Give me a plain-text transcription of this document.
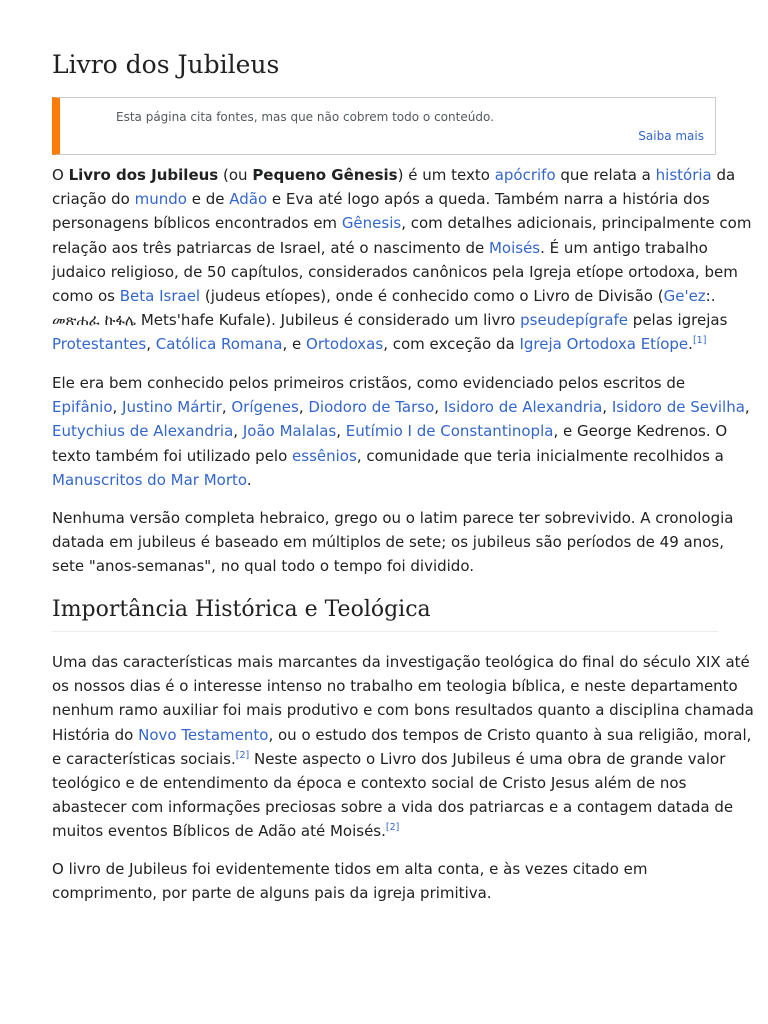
Livro dos Jubileus
Esta página cita fontes, mas que não cobrem todo o conteúdo.
Saiba mais
O Livro dos Jubileus (ou Pequeno Gênesis) é um texto apócrifo que relata a história da
criação do mundo e de Adão e Eva até logo após a queda. Também narra a história dos
personagens bíblicos encontrados em Gênesis, com detalhes adicionais, principalmente com
relação aos três patriarcas de Israel, até o nascimento de Moisés. É um antigo trabalho
judaico religioso, de 50 capítulos, considerados canônicos pela Igreja etíope ortodoxa, bem
como os Beta Israel (judeus etíopes), onde é conhecido como o Livro de Divisão (Ge'ez:.
መጽሐፈ ኩፋሌ Mets'hafe Kufale). Jubileus é considerado um livro pseudepígrafe pelas igrejas
Protestantes, Católica Romana, e Ortodoxas, com exceção da Igreja Ortodoxa Etíope.[1]
Ele era bem conhecido pelos primeiros cristãos, como evidenciado pelos escritos de
Epifânio, Justino Mártir, Orígenes, Diodoro de Tarso, Isidoro de Alexandria, Isidoro de Sevilha,
Eutychius de Alexandria, João Malalas, Eutímio I de Constantinopla, e George Kedrenos. O
texto também foi utilizado pelo essênios, comunidade que teria inicialmente recolhidos a
Manuscritos do Mar Morto.
Nenhuma versão completa hebraico, grego ou o latim parece ter sobrevivido. A cronologia
datada em jubileus é baseado em múltiplos de sete; os jubileus são períodos de 49 anos,
sete "anos-semanas", no qual todo o tempo foi dividido.
Importância Histórica e Teológica
Uma das características mais marcantes da investigação teológica do final do século XIX até
os nossos dias é o interesse intenso no trabalho em teologia bíblica, e neste departamento
nenhum ramo auxiliar foi mais produtivo e com bons resultados quanto a disciplina chamada
História do Novo Testamento, ou o estudo dos tempos de Cristo quanto à sua religião, moral,
e características sociais.[2] Neste aspecto o Livro dos Jubileus é uma obra de grande valor
teológico e de entendimento da época e contexto social de Cristo Jesus além de nos
abastecer com informações preciosas sobre a vida dos patriarcas e a contagem datada de
muitos eventos Bíblicos de Adão até Moisés.[2]
O livro de Jubileus foi evidentemente tidos em alta conta, e às vezes citado em
comprimento, por parte de alguns pais da igreja primitiva.
